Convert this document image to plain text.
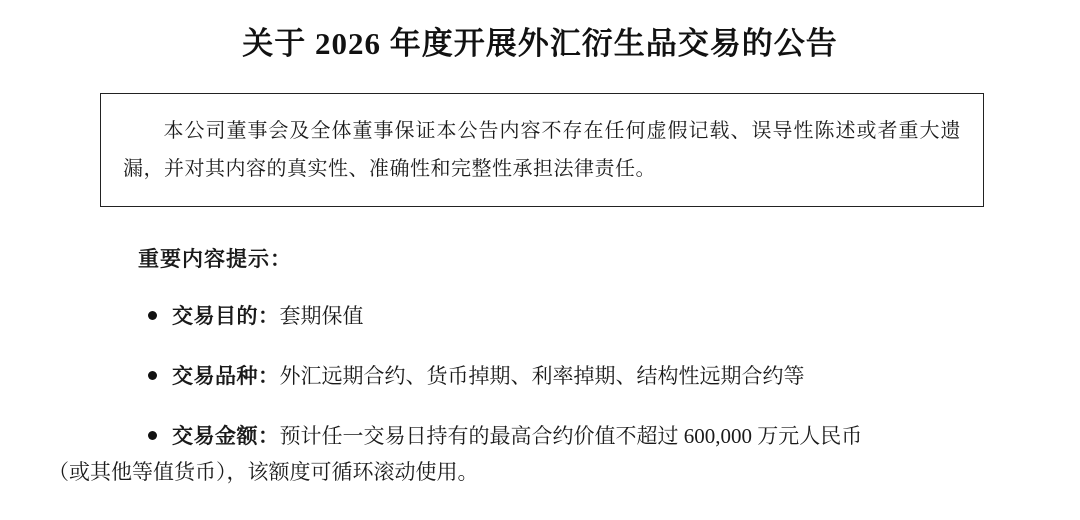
关于 2026 年度开展外汇衍生品交易的公告

本公司董事会及全体董事保证本公告内容不存在任何虚假记载、误导性陈述或者重大遗漏，并对其内容的真实性、准确性和完整性承担法律责任。

重要内容提示：
交易目的：套期保值
交易品种：外汇远期合约、货币掉期、利率掉期、结构性远期合约等
交易金额：预计任一交易日持有的最高合约价值不超过 600,000 万元人民币
（或其他等值货币），该额度可循环滚动使用。
